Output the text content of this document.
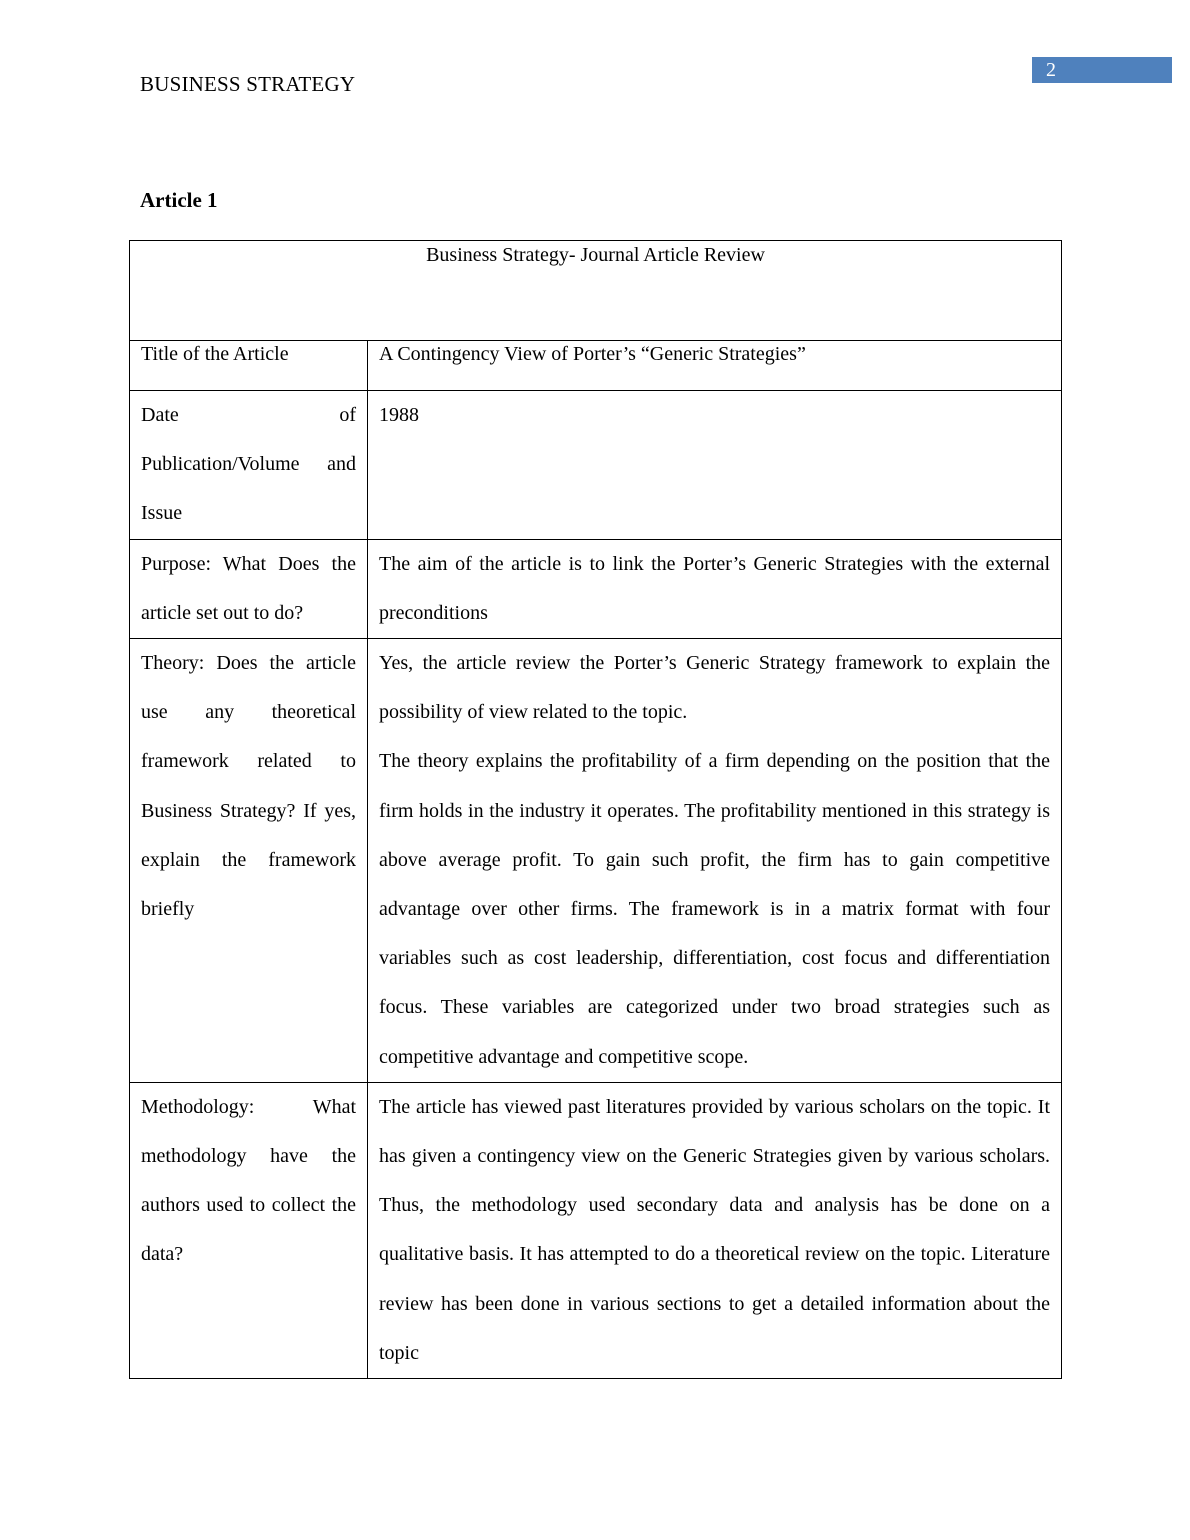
2
BUSINESS STRATEGY
Article 1
Business Strategy- Journal Article Review	
Title of the Article	A Contingency View of Porter’s “Generic Strategies”

Date of Publication/Volume and Issue	1988

Purpose: What Does the article set out to do?	The aim of the article is to link the Porter’s Generic Strategies with the external preconditions

Theory: Does the article use any theoretical framework related to Business Strategy? If yes, explain the framework briefly	Yes, the article review the Porter’s Generic Strategy framework to explain the possibility of view related to the topic.

The theory explains the profitability of a firm depending on the position that the firm holds in the industry it operates. The profitability mentioned in this strategy is above average profit. To gain such profit, the firm has to gain competitive advantage over other firms. The framework is in a matrix format with four variables such as cost leadership, differentiation, cost focus and differentiation focus. These variables are categorized under two broad strategies such as competitive advantage and competitive scope.

Methodology: What methodology have the authors used to collect the data?	The article has viewed past literatures provided by various scholars on the topic. It has given a contingency view on the Generic Strategies given by various scholars. Thus, the methodology used secondary data and analysis has be done on a qualitative basis. It has attempted to do a theoretical review on the topic. Literature review has been done in various sections to get a detailed information about the topic
